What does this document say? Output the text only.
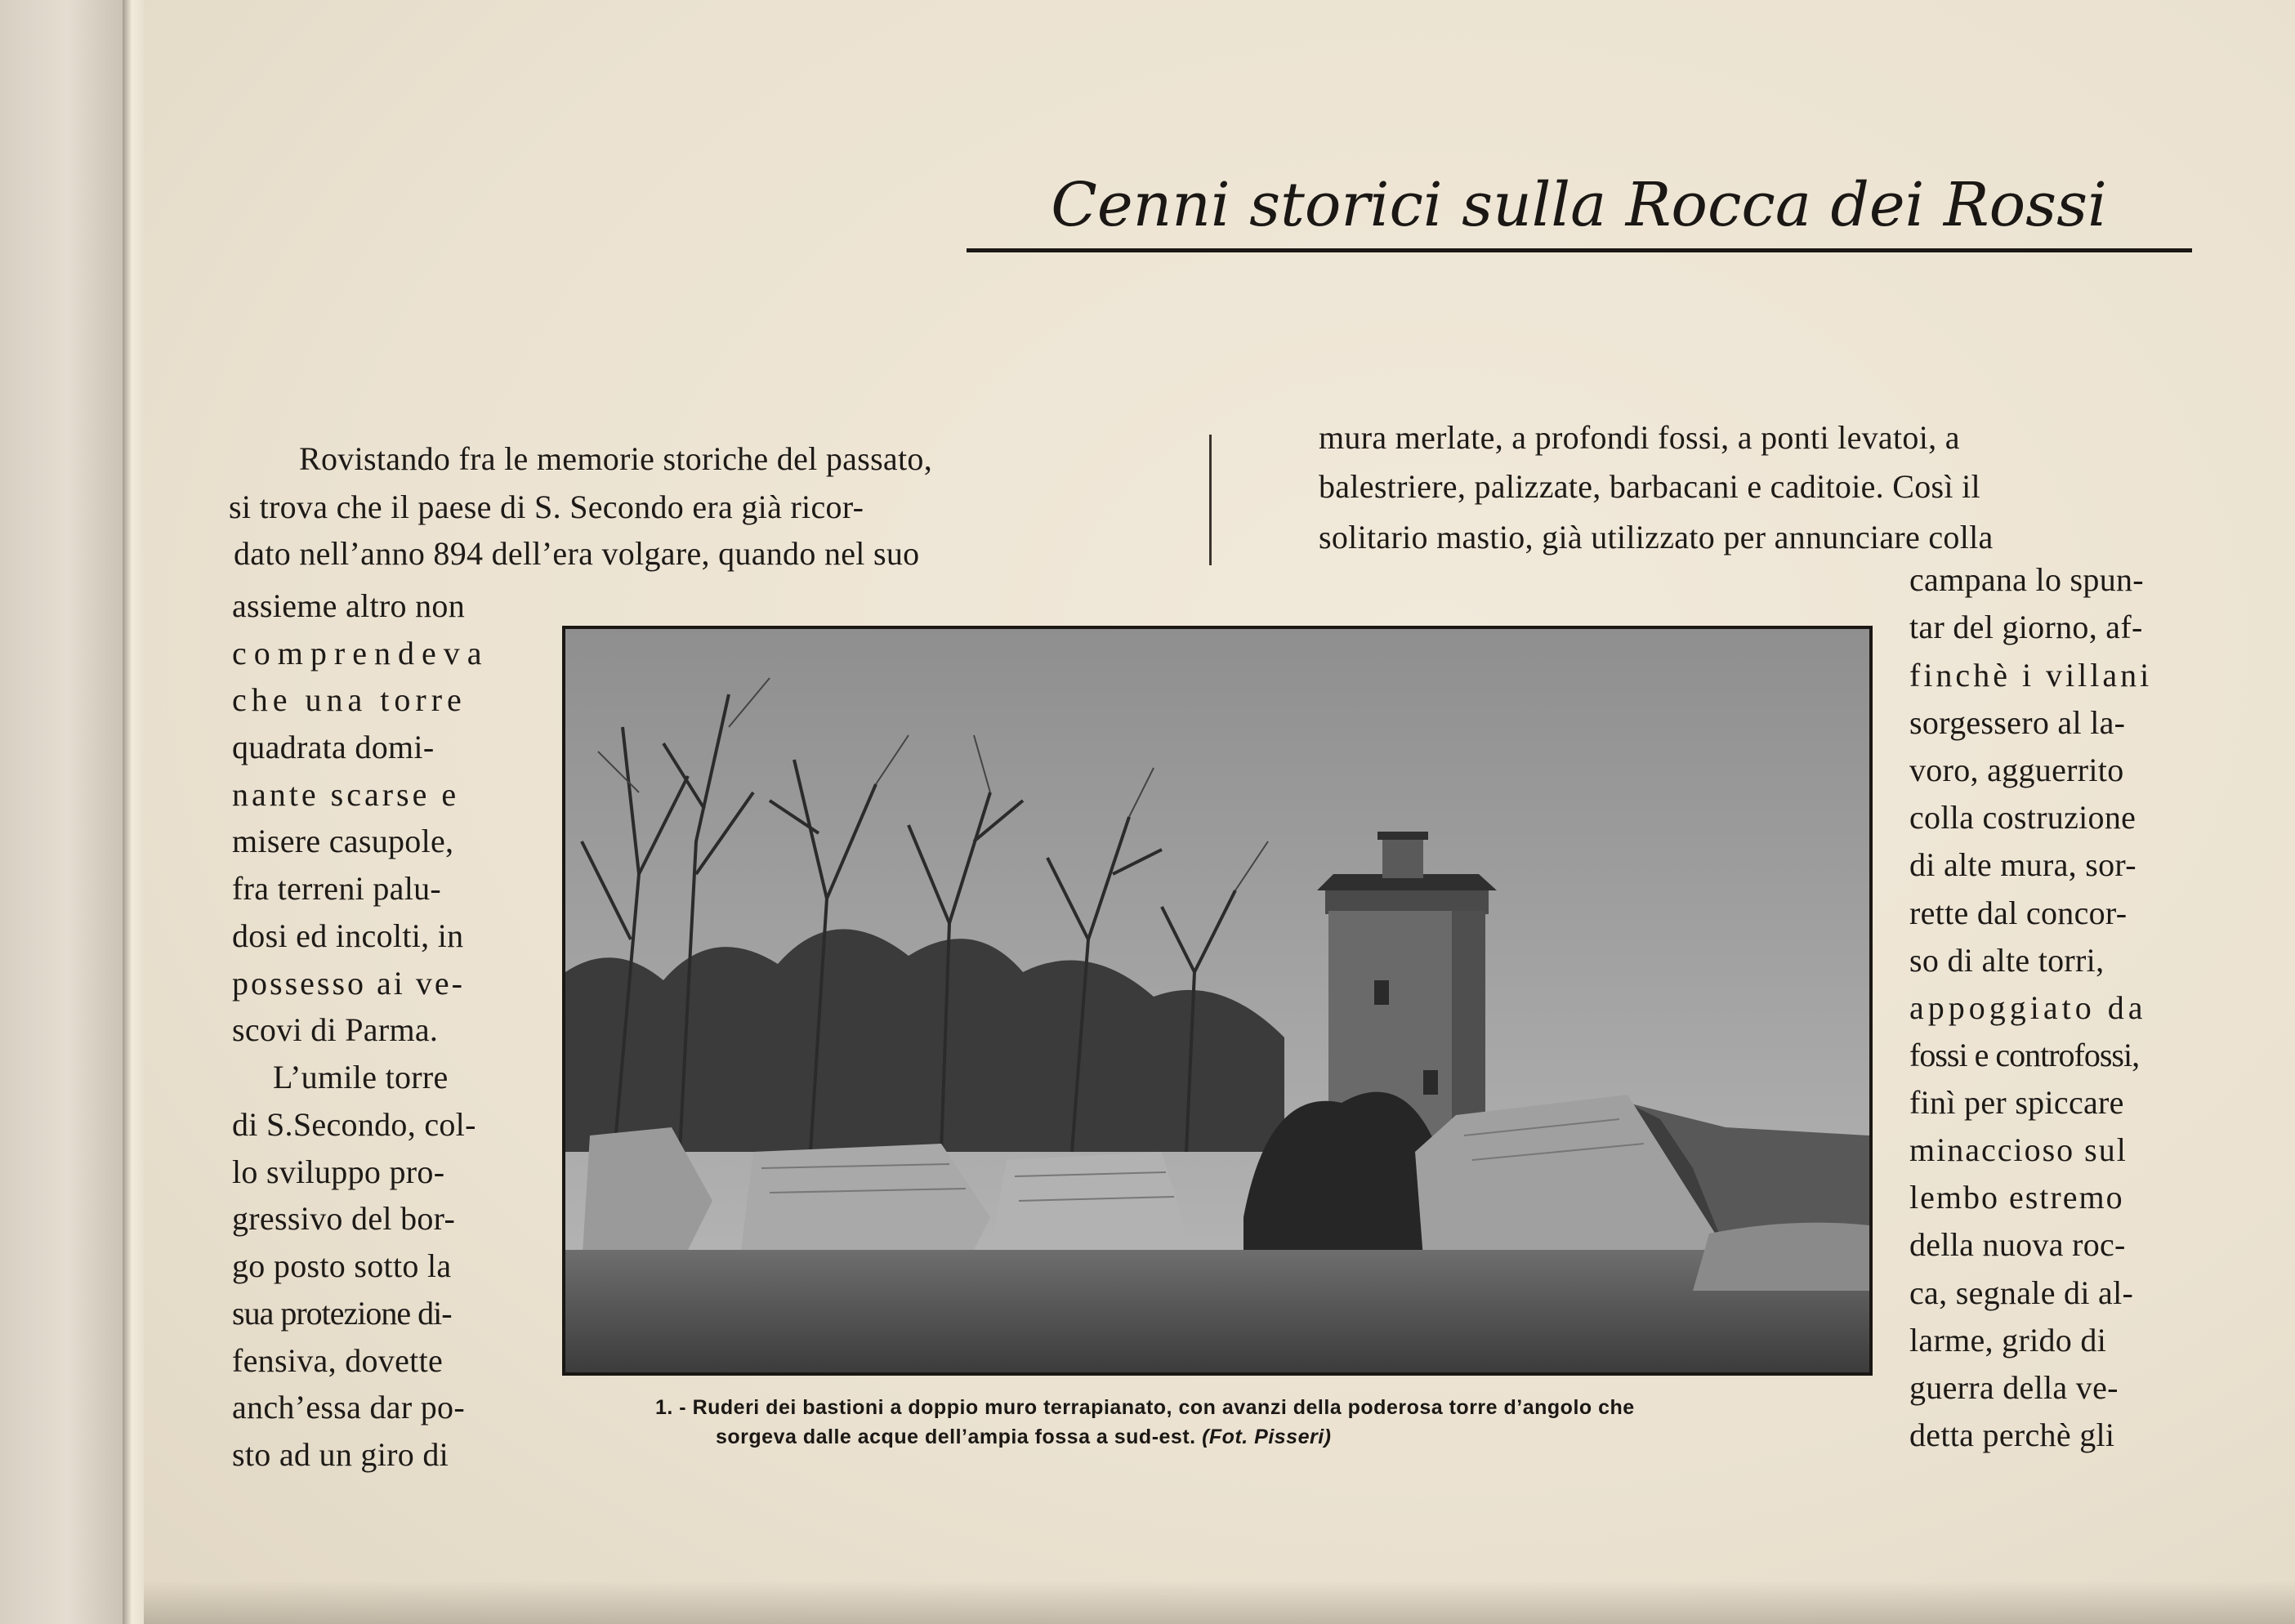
Cenni storici sulla Rocca dei Rossi
Rovistando fra le memorie storiche del passato,
si trova che il paese di S. Secondo era già ricor-
dato nell’anno 894 dell’era volgare, quando nel suo
mura merlate, a profondi fossi, a ponti levatoi, a
balestriere, palizzate, barbacani e caditoie. Così il
solitario mastio, già utilizzato per annunciare colla
assieme altro non
comprendeva
che una torre
quadrata domi-
nante scarse e
misere casupole,
fra terreni palu-
dosi ed incolti, in
possesso ai ve-
scovi di Parma.
L’umile torre
di S.Secondo, col-
lo sviluppo pro-
gressivo del bor-
go posto sotto la
sua protezione di-
fensiva, dovette
anch’essa dar po-
sto ad un giro di
campana lo spun-
tar del giorno, af-
finchè i villani
sorgessero al la-
voro, agguerrito
colla costruzione
di alte mura, sor-
rette dal concor-
so di alte torri,
appoggiato da
fossi e controfossi,
finì per spiccare
minaccioso sul
lembo estremo
della nuova roc-
ca, segnale di al-
larme, grido di
guerra della ve-
detta perchè gli
1. - Ruderi dei bastioni a doppio muro terrapianato, con avanzi della poderosa torre d’angolo che
sorgeva dalle acque dell’ampia fossa a sud-est. (Fot. Pisseri)
